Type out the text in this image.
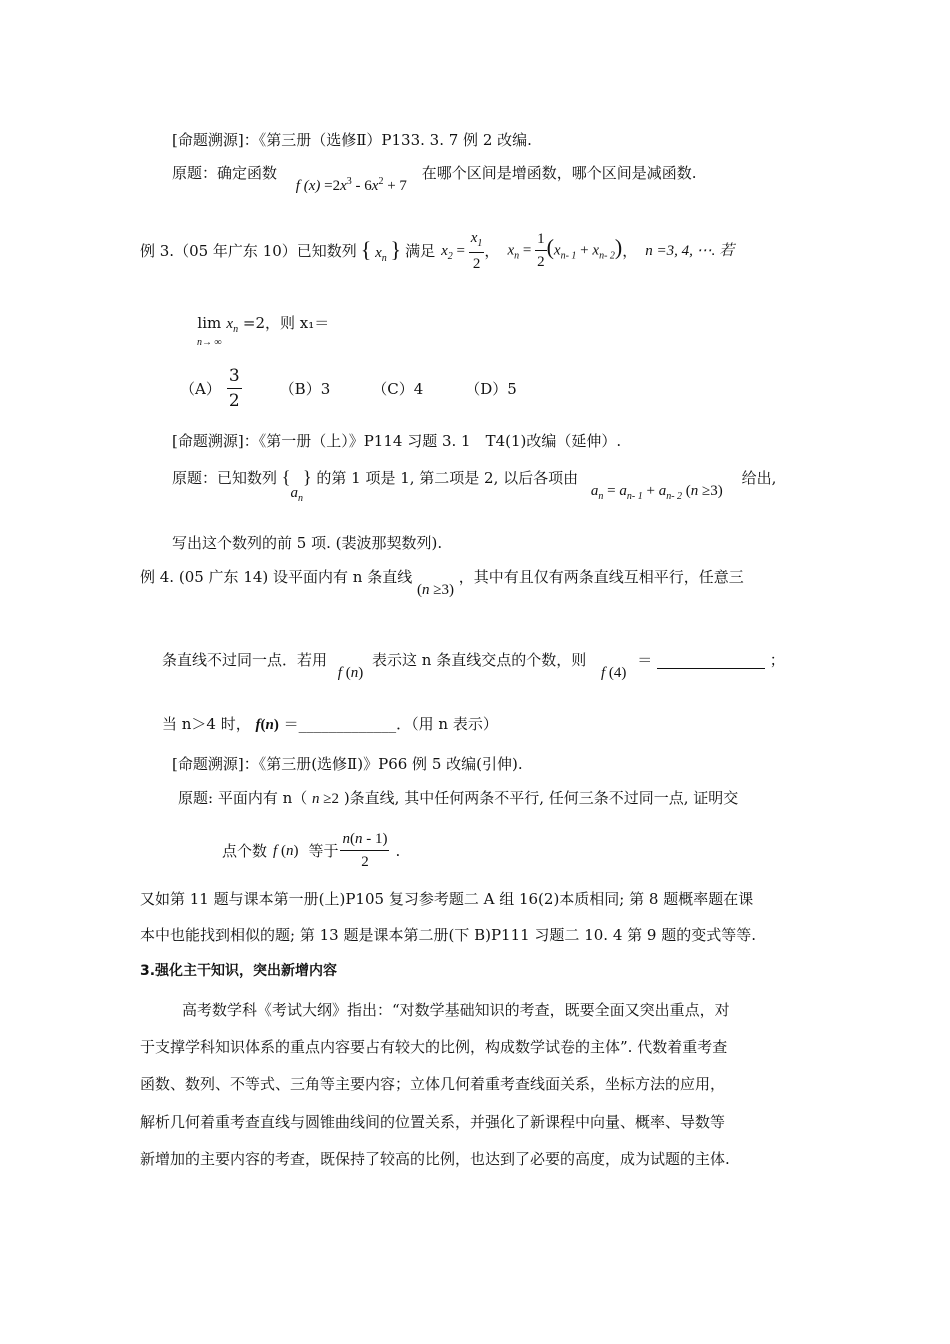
[命题溯源]：《第三册（选修Ⅱ）P133. 3. 7 例 2 改编.
原题：确定函数 f $(x) =2x^3 - 6x^2 + 7$ 在哪个区间是增函数，哪个区间是减函数.
例 3.（05 年广东 10）已知数列 { $x_n$ } 满足 $x_2 = \frac{x_1}{2}$ ， $x_n = \frac{1}{2} (x_{n- 1} + x_{n- 2})$ ， n =3, 4, ⋯. 若
lim
n→ ∞ $x_n =2$，则 x₁＝
$(A) \frac{3}{2}$	（B）3	（C）4	（D）5
[命题溯源]：《第一册（上）》P114 习题 3. 1　T4(1)改编（延伸）.
原题：已知数列 $\{a_n\}$ 的第 1 项是 1, 第二项是 2, 以后各项由 $a_n = a_{n- 1} + a_{n- 2}$ (n ≥3) 给出,
写出这个数列的前 5 项. (裴波那契数列).
例 4. (05 广东 14) 设平面内有 n 条直线 (n ≥3) ，其中有且仅有两条直线互相平行，任意三
条直线不过同一点．若用 f (n) 表示这 n 条直线交点的个数，则 f (4) ＝	；
当 n＞4 时， f(n) ＝_____________．（用 n 表示）
[命题溯源]：《第三册(选修Ⅱ)》P66 例 5 改编(引伸).
原题: 平面内有 n（ n ≥2 )条直线, 其中任何两条不平行, 任何三条不过同一点, 证明交
点个数 f (n) 等于 $\frac{n(n - 1)}{2}$ .
又如第 11 题与课本第一册(上)P105 复习参考题二 A 组 16(2)本质相同; 第 8 题概率题在课
本中也能找到相似的题; 第 13 题是课本第二册(下 B)P111 习题二 10. 4 第 9 题的变式等等.
3.强化主干知识，突出新增内容
高考数学科《考试大纲》指出：“对数学基础知识的考查，既要全面又突出重点，对
于支撑学科知识体系的重点内容要占有较大的比例，构成数学试卷的主体”. 代数着重考查
函数、数列、不等式、三角等主要内容；立体几何着重考查线面关系，坐标方法的应用，
解析几何着重考查直线与圆锥曲线间的位置关系，并强化了新课程中向量、概率、导数等
新增加的主要内容的考查，既保持了较高的比例，也达到了必要的高度，成为试题的主体.
